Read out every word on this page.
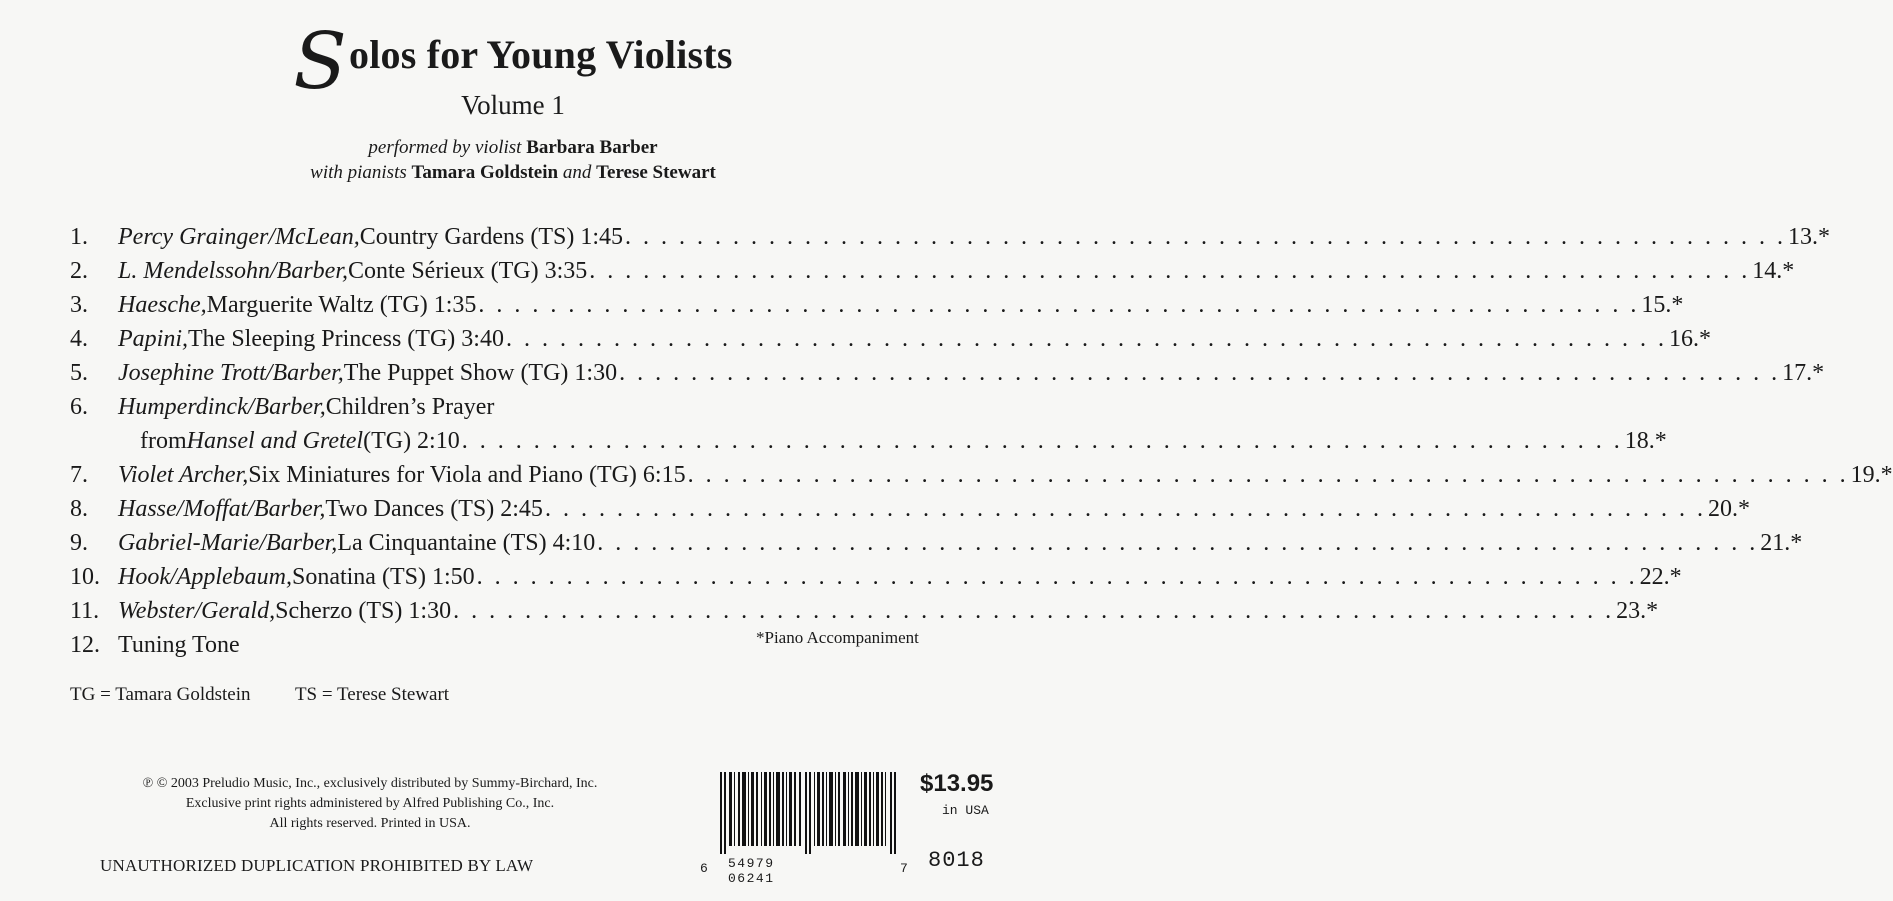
S olos for Young Violists
Volume 1
performed by violist Barbara Barber
with pianists Tamara Goldstein and Terese Stewart
1.	Percy Grainger/McLean, Country Gardens (TS) 1:45 . . . . . . . . . . . . . . . . . . . . . . . . . . . . . . . . . . . . . . . . . . . . . . . . . . . . . . . . . . . . . . . . . 13.*
2.	L. Mendelssohn/Barber, Conte Sérieux (TG) 3:35 . . . . . . . . . . . . . . . . . . . . . . . . . . . . . . . . . . . . . . . . . . . . . . . . . . . . . . . . . . . . . . . . . 14.*
3.	Haesche, Marguerite Waltz (TG) 1:35 . . . . . . . . . . . . . . . . . . . . . . . . . . . . . . . . . . . . . . . . . . . . . . . . . . . . . . . . . . . . . . . . . 15.*
4.	Papini, The Sleeping Princess (TG) 3:40 . . . . . . . . . . . . . . . . . . . . . . . . . . . . . . . . . . . . . . . . . . . . . . . . . . . . . . . . . . . . . . . . . 16.*
5.	Josephine Trott/Barber, The Puppet Show (TG) 1:30 . . . . . . . . . . . . . . . . . . . . . . . . . . . . . . . . . . . . . . . . . . . . . . . . . . . . . . . . . . . . . . . . . 17.*
6.	Humperdinck/Barber, Children’s Prayer
from Hansel and Gretel (TG) 2:10 . . . . . . . . . . . . . . . . . . . . . . . . . . . . . . . . . . . . . . . . . . . . . . . . . . . . . . . . . . . . . . . . . 18.*
7.	Violet Archer, Six Miniatures for Viola and Piano (TG) 6:15 . . . . . . . . . . . . . . . . . . . . . . . . . . . . . . . . . . . . . . . . . . . . . . . . . . . . . . . . . . . . . . . . . 19.*
8.	Hasse/Moffat/Barber, Two Dances (TS) 2:45 . . . . . . . . . . . . . . . . . . . . . . . . . . . . . . . . . . . . . . . . . . . . . . . . . . . . . . . . . . . . . . . . . 20.*
9.	Gabriel-Marie/Barber, La Cinquantaine (TS) 4:10 . . . . . . . . . . . . . . . . . . . . . . . . . . . . . . . . . . . . . . . . . . . . . . . . . . . . . . . . . . . . . . . . . 21.*
10. Hook/Applebaum, Sonatina (TS) 1:50 . . . . . . . . . . . . . . . . . . . . . . . . . . . . . . . . . . . . . . . . . . . . . . . . . . . . . . . . . . . . . . . . . 22.*
11. Webster/Gerald, Scherzo (TS) 1:30 . . . . . . . . . . . . . . . . . . . . . . . . . . . . . . . . . . . . . . . . . . . . . . . . . . . . . . . . . . . . . . . . . 23.*
12. Tuning Tone	*Piano Accompaniment
TG = Tamara Goldstein TS = Terese Stewart
℗ © 2003 Preludio Music, Inc., exclusively distributed by Summy-Birchard, Inc.
Exclusive print rights administered by Alfred Publishing Co., Inc.
All rights reserved. Printed in USA.
UNAUTHORIZED DUPLICATION PROHIBITED BY LAW	6 54979 06241
7 8018
$13.95
in USA
